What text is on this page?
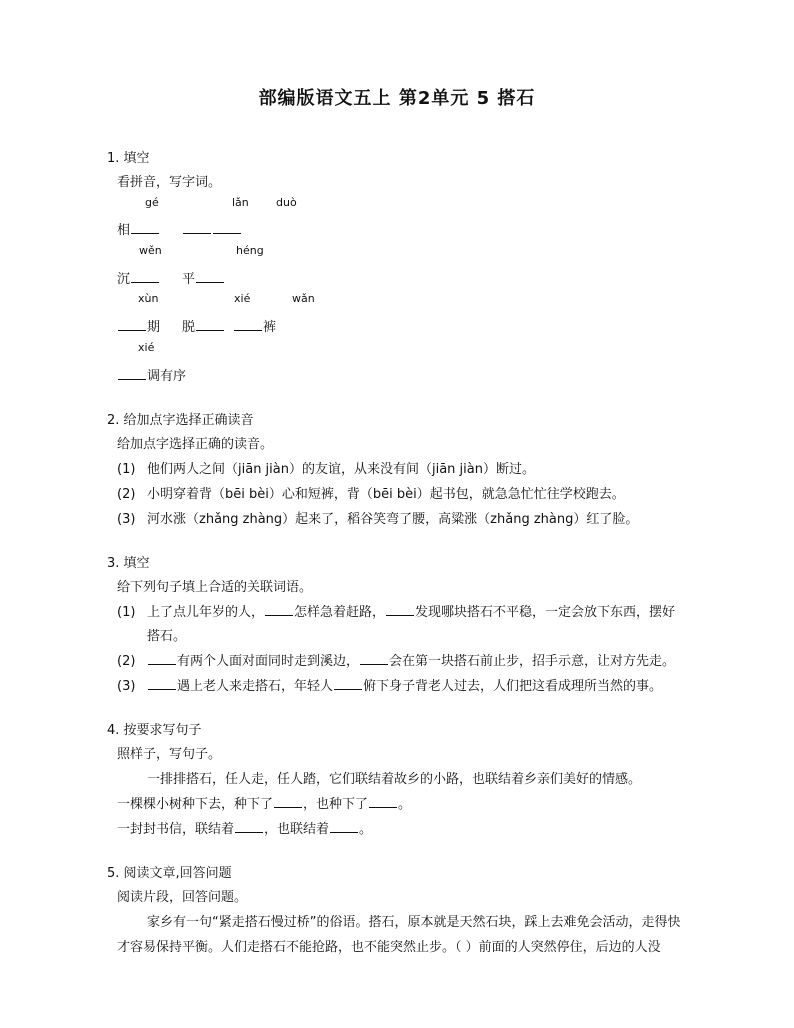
部编版语文五上 第2单元 5 搭石
1. 填空
看拼音，写字词。
gé	lǎn duò
相
wěn	héng
沉	平
xùn	xié	wǎn
期 脱	裤
xié
调有序
2. 给加点字选择正确读音
给加点字选择正确的读音。
(1) 他们两人之间（jiān jiàn）的友谊，从来没有间（jiān jiàn）断过。
(2) 小明穿着背（bēi bèi）心和短裤，背（bēi bèi）起书包，就急急忙忙往学校跑去。
(3) 河水涨（zhǎng zhàng）起来了，稻谷笑弯了腰，高粱涨（zhǎng zhàng）红了脸。
3. 填空
给下列句子填上合适的关联词语。
(1) 上了点儿年岁的人， 怎样急着赶路， 发现哪块搭石不平稳，一定会放下东西，摆好
搭石。
(2)	有两个人面对面同时走到溪边， 会在第一块搭石前止步，招手示意，让对方先走。
(3)	遇上老人来走搭石，年轻人 俯下身子背老人过去，人们把这看成理所当然的事。
4. 按要求写句子
照样子，写句子。
一排排搭石，任人走，任人踏，它们联结着故乡的小路，也联结着乡亲们美好的情感。
一棵棵小树种下去，种下了 ，也种下了 。
一封封书信，联结着 ，也联结着 。
5. 阅读文章,回答问题
阅读片段，回答问题。
家乡有一句“紧走搭石慢过桥”的俗语。搭石，原本就是天然石块，踩上去难免会活动，走得快
才容易保持平衡。人们走搭石不能抢路，也不能突然止步。（ ）前面的人突然停住，后边的人没
